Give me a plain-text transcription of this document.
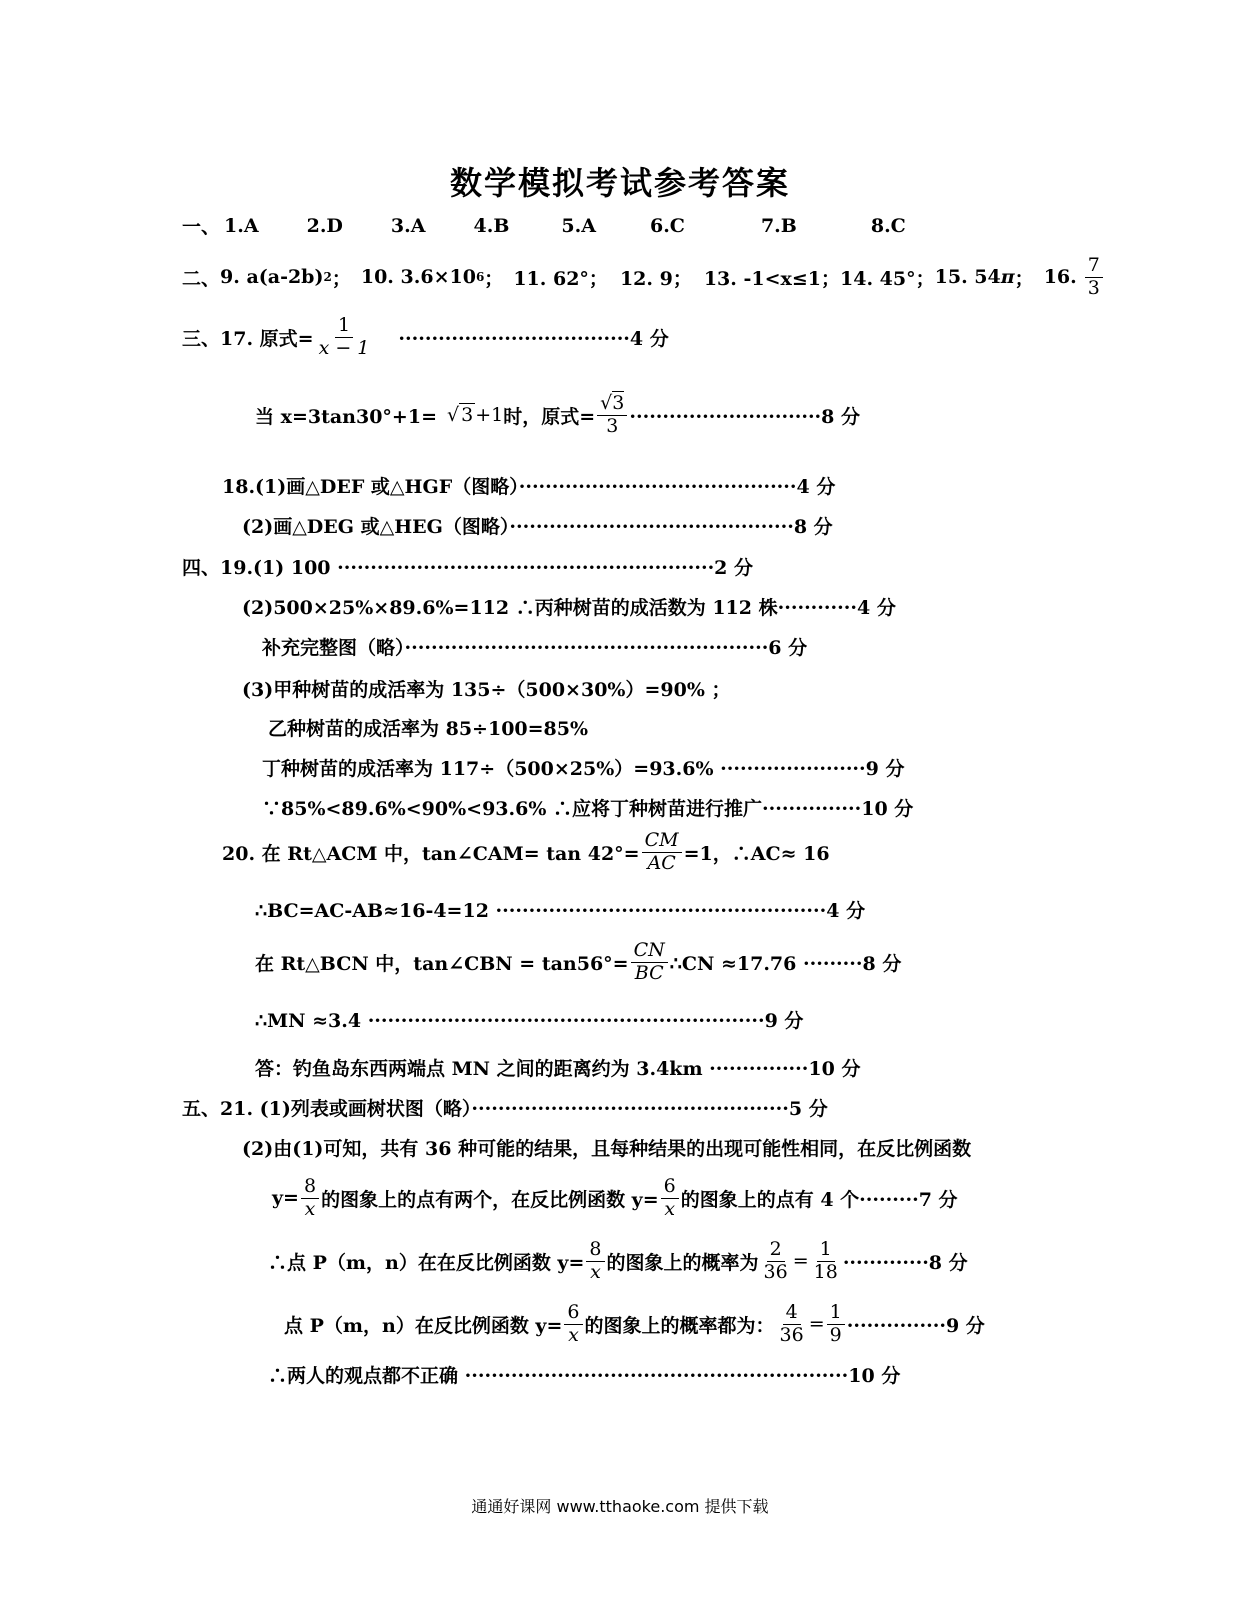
数学模拟考试参考答案
一、 1.A	2.D	3.A	4.B	5.A	6.C	7.B	8.C
二、 9. a(a-2b) 2 ； 10. 3.6×10 6 ； 11. 62°； 12. 9； 13. -1<x≤1； 14. 45°； 15. 54 π ； 16. $\frac{7}{3}$
三、17. 原式= $\frac{1}{x - 1} \cdot\cdot\cdot\cdot\cdot\cdot\cdot\cdot\cdot\cdot\cdot\cdot\cdot\cdot\cdot\cdot\cdot\cdot\cdot\cdot\cdot\cdot\cdot\cdot\cdot\cdot\cdot\cdot\cdot\cdot\cdot\cdot\cdot\cdot\cdot 4$ 分
当 x=3tan30°+1= √ 3 +1 时，原式= $\frac{√3}{3} \cdot\cdot\cdot\cdot\cdot\cdot\cdot\cdot\cdot\cdot\cdot\cdot\cdot\cdot\cdot\cdot\cdot\cdot\cdot\cdot\cdot\cdot\cdot\cdot\cdot\cdot\cdot\cdot\cdot 8$ 分
18.(1)画△DEF 或△HGF（图略）··········································4 分
(2)画△DEG 或△HEG（图略）···········································8 分
四、19.(1) 100 ·························································2 分
(2)500×25%×89.6%=112 ∴丙种树苗的成活数为 112 株············4 分
补充完整图（略）·······················································6 分
(3)甲种树苗的成活率为 135÷（500×30%）=90% ；
乙种树苗的成活率为 85÷100=85%
丁种树苗的成活率为 117÷（500×25%）=93.6% ······················9 分
∵85%<89.6%<90%<93.6% ∴应将丁种树苗进行推广···············10 分
20. 在 Rt△ACM 中，tan∠CAM= $\tan 42^\circ= \frac{CM}{AC} =1$，∴AC≈ 16
∴BC=AC-AB≈16-4=12 ··················································4 分
在 Rt△BCN 中，tan∠CBN = $\tan 56^\circ= \frac{CN}{BC}$ ∴CN ≈17.76 ·········8 分
∴MN ≈3.4 ····························································9 分
答：钓鱼岛东西两端点 MN 之间的距离约为 3.4km ···············10 分
五、21. (1)列表或画树状图（略）················································5 分
(2)由(1)可知，共有 36 种可能的结果，且每种结果的出现可能性相同，在反比例函数
$y= \frac{8}{x}$ 的图象上的点有两个，在反比例函数 $y= \frac{6}{x}$ 的图象上的点有 4 个·········7 分
∴点 P（m，n）在在反比例函数 $y= \frac{8}{x}$ 的图象上的概率为 $\frac{2}{36} = \frac{1}{18} \cdot\cdot\cdot\cdot\cdot\cdot\cdot\cdot\cdot\cdot\cdot\cdot\cdot 8$ 分
点 P（m，n）在反比例函数 $y= \frac{6}{x}$ 的图象上的概率都为： $\frac{4}{36} = \frac{1}{9} \cdot\cdot\cdot\cdot\cdot\cdot\cdot\cdot\cdot\cdot\cdot\cdot\cdot\cdot\cdot 9$ 分
∴两人的观点都不正确 ··························································10 分
通通好课网 www.tthaoke.com 提供下载
